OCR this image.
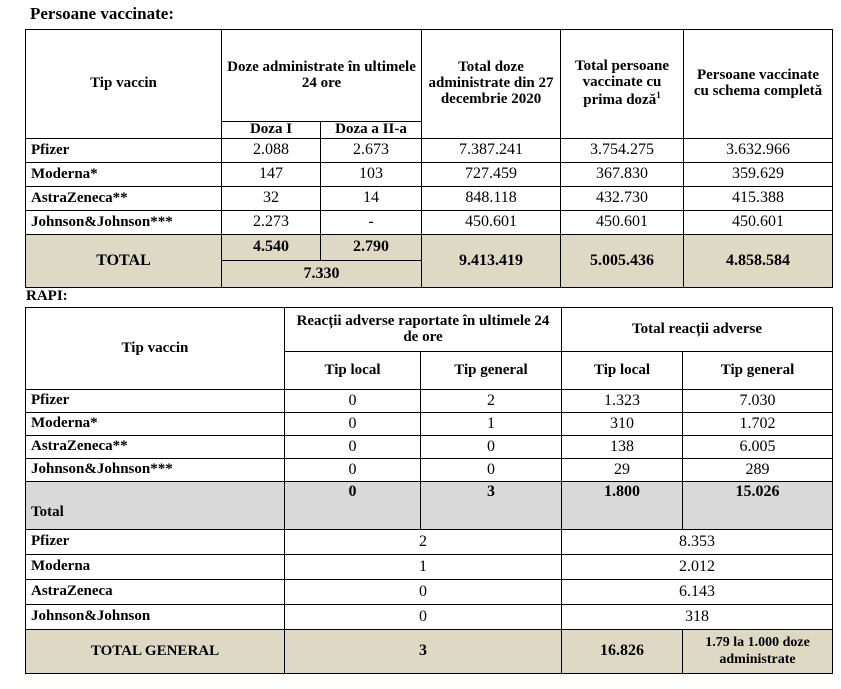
Persoane vaccinate:
Tip vaccin	Doze administrate în ultimele 24 ore		Total doze administrate din 27 decembrie 2020	Total persoane vaccinate cu prima doză$^1$	Persoane vaccinate cu schema completă
	Doza I	Doza a II-a			
Pfizer	2.088	2.673	7.387.241	3.754.275	3.632.966
Moderna*	147	103	727.459	367.830	359.629
AstraZeneca**	32	14	848.118	432.730	415.388
Johnson&Johnson***	2.273	-	450.601	450.601	450.601
TOTAL	4.540	2.790	9.413.419	5.005.436	4.858.584
	7.330				
RAPI:
Tip vaccin	Reacții adverse raportate în ultimele 24 de ore		Total reacții adverse	
	Tip local	Tip general	Tip local	Tip general
Pfizer	0	2	1.323	7.030
Moderna*	0	1	310	1.702
AstraZeneca**	0	0	138	6.005
Johnson&Johnson***	0	0	29	289
Total	0	3	1.800	15.026
Pfizer	2		8.353	
Moderna	1		2.012	
AstraZeneca	0		6.143	
Johnson&Johnson	0		318	
TOTAL GENERAL	3		16.826	1.79 la 1.000 doze administrate
